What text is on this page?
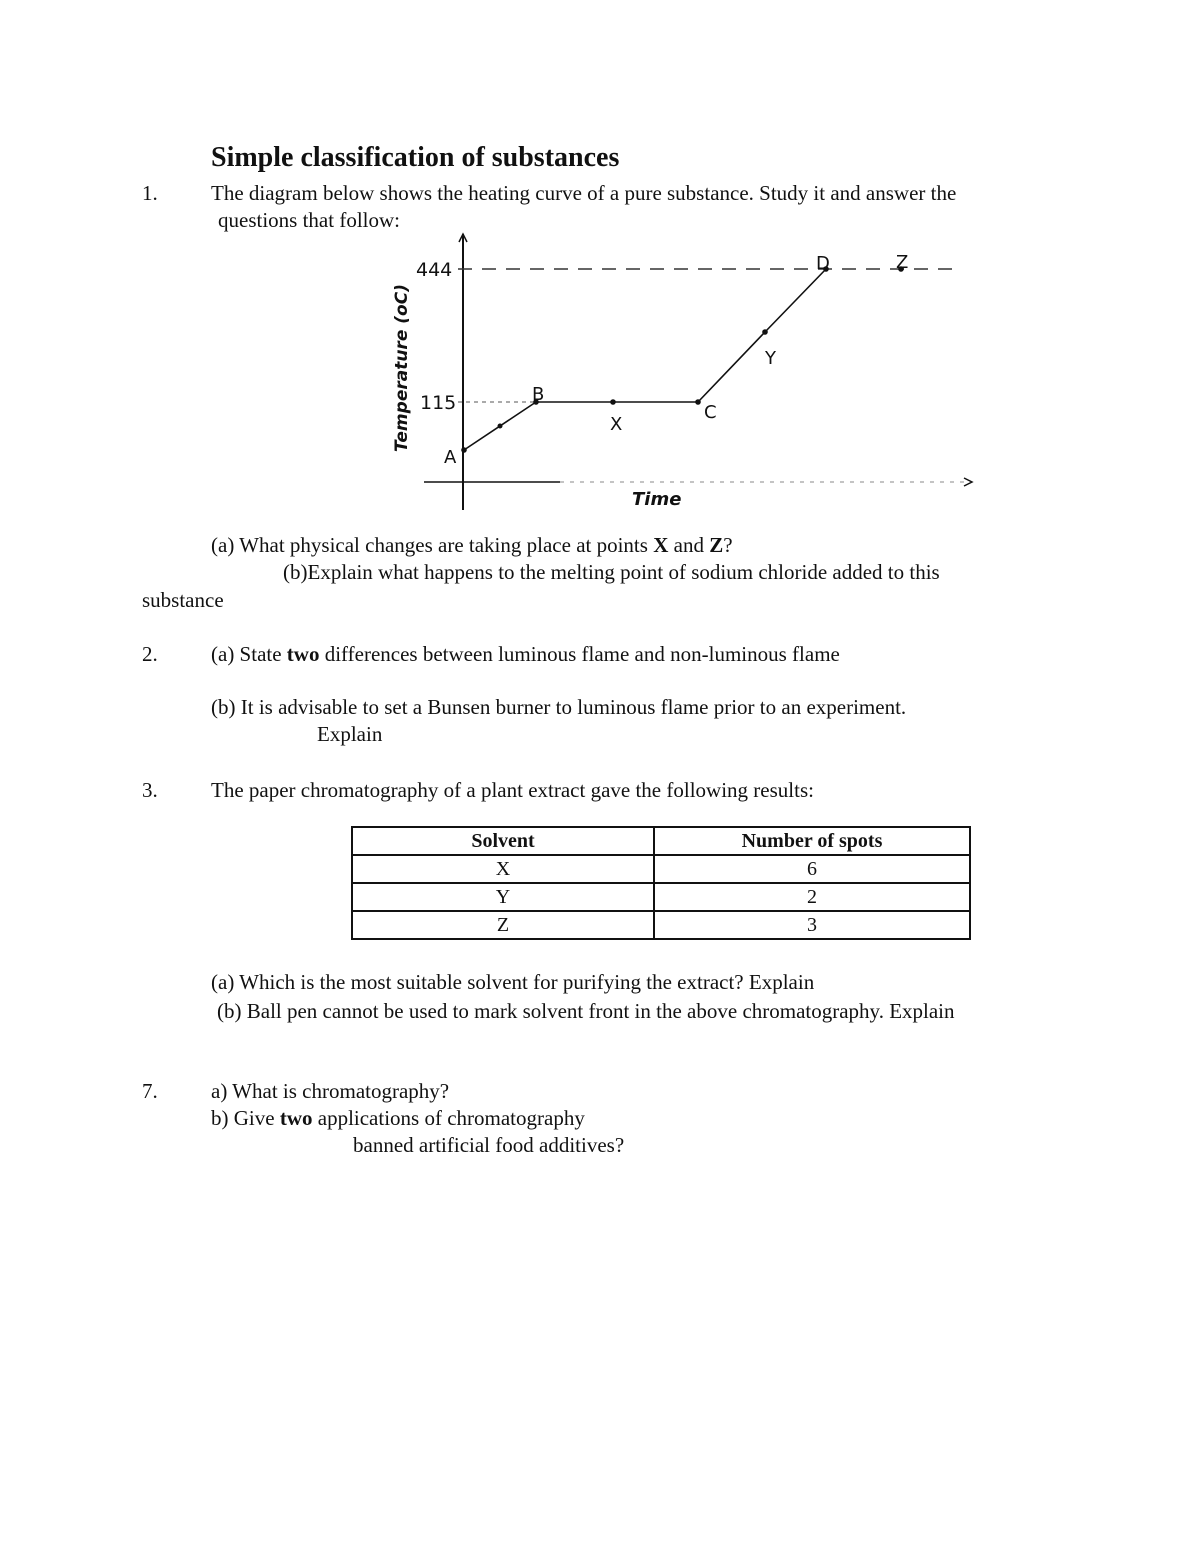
Simple classification of substances
1.	The diagram below shows the heating curve of a pure substance. Study it and answer the
questions that follow:
444
115
Temperature (oC)
Time
A
B
X
C
Y
D	Z
(a) What physical changes are taking place at points X and Z?
(b)Explain what happens to the melting point of sodium chloride added to this
substance
2.	(a) State two differences between luminous flame and non-luminous flame
(b) It is advisable to set a Bunsen burner to luminous flame prior to an experiment.
Explain
3.	The paper chromatography of a plant extract gave the following results:
Solvent	Number of spots
X	6
Y	2
Z	3
(a) Which is the most suitable solvent for purifying the extract? Explain
(b) Ball pen cannot be used to mark solvent front in the above chromatography. Explain
7.	a) What is chromatography?
b) Give two applications of chromatography
banned artificial food additives?
